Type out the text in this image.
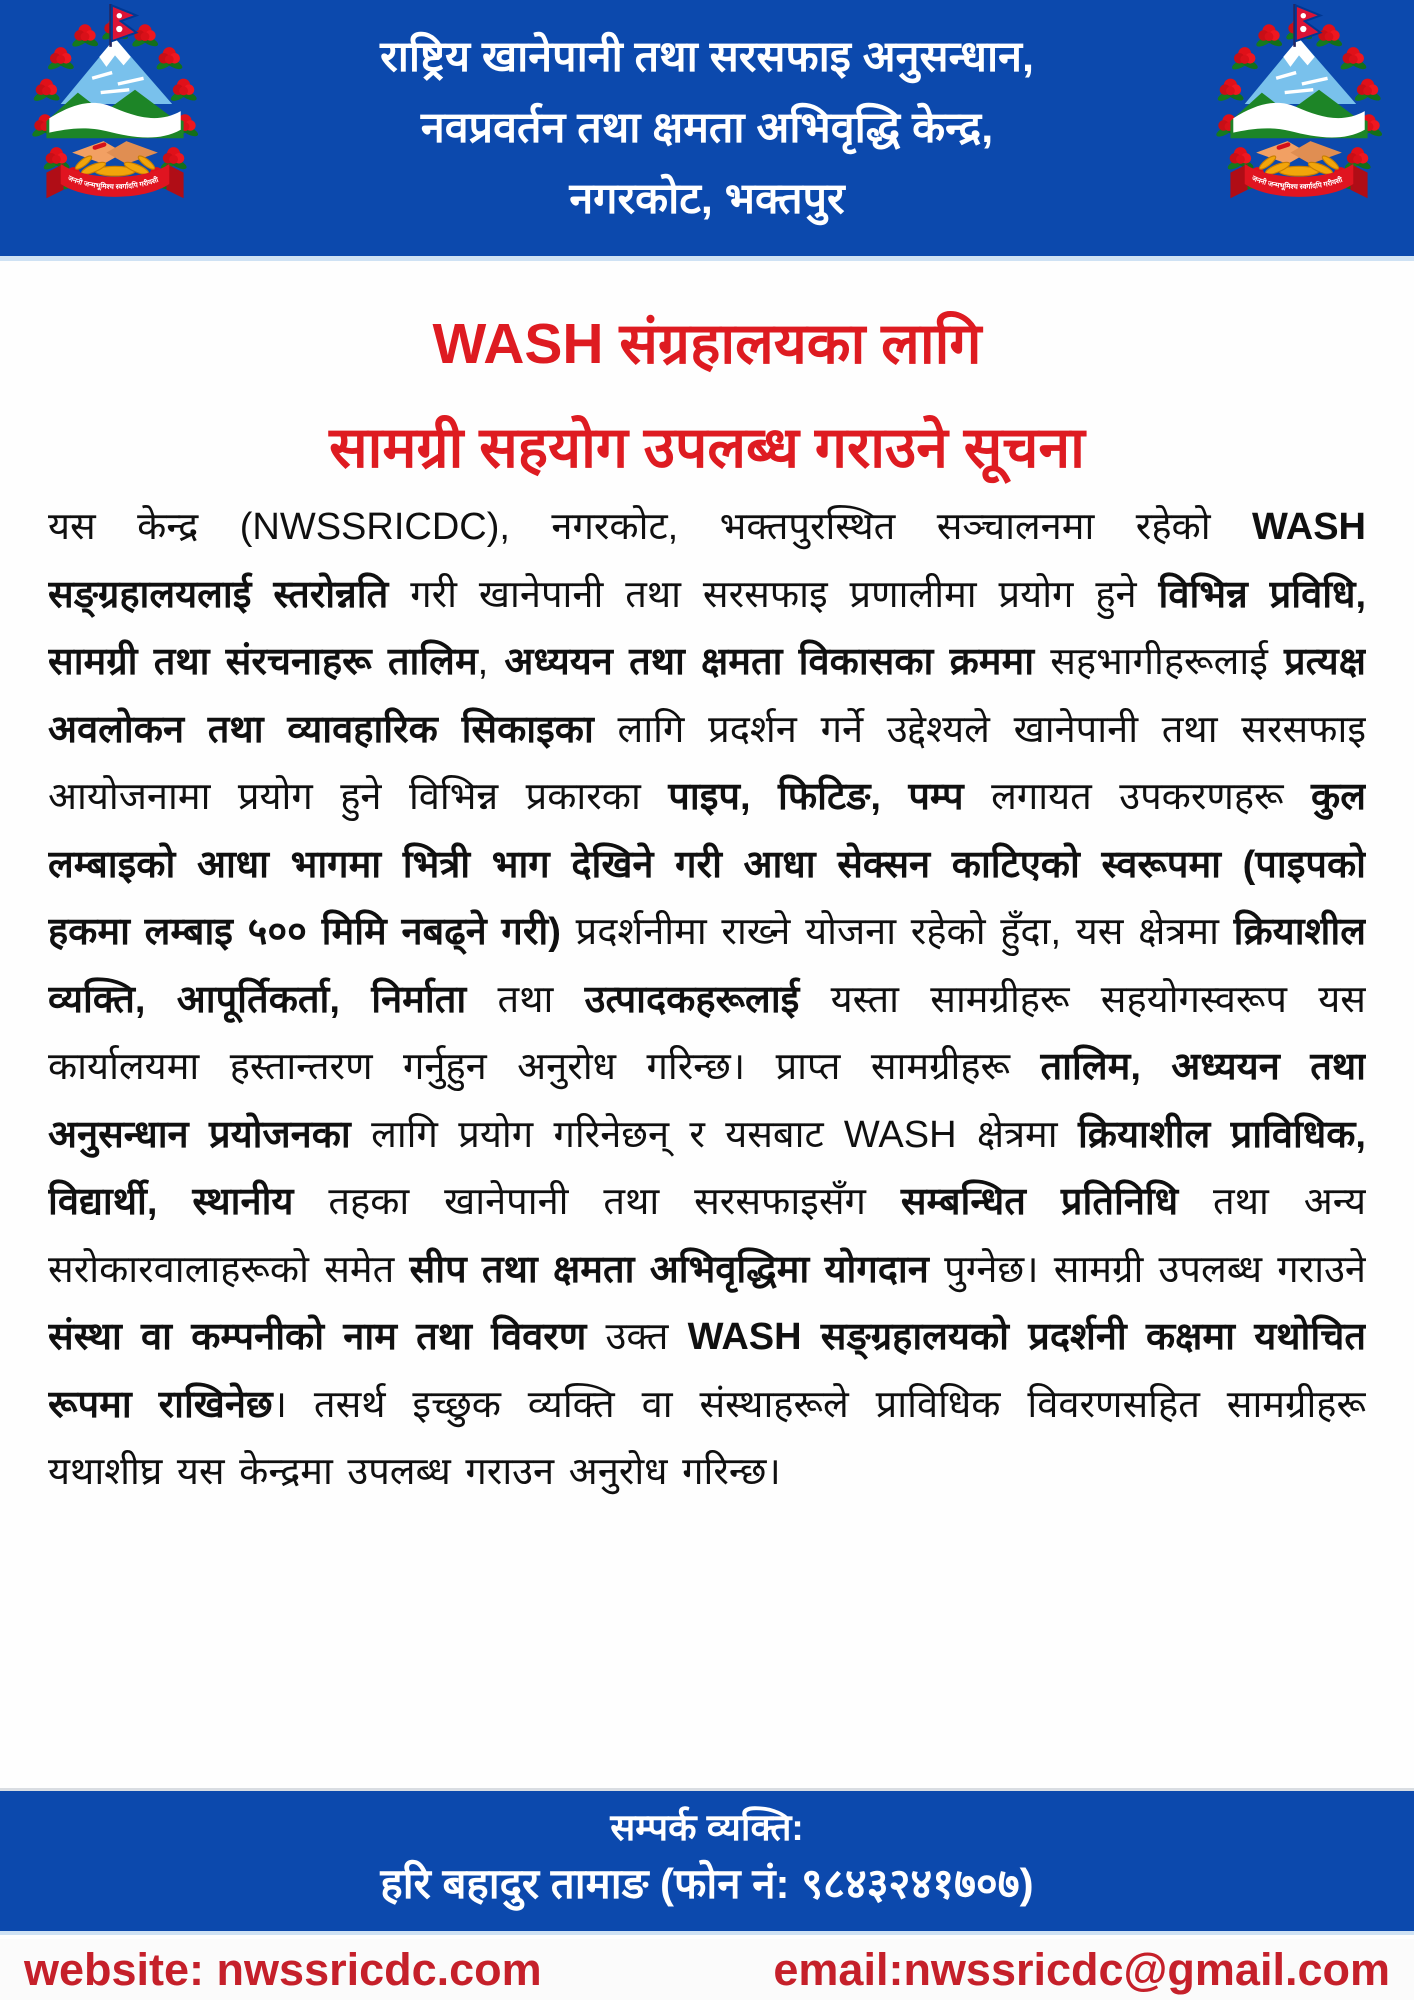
जननी जन्मभूमिश्च स्वर्गादपि गरीयसी	जननी जन्मभूमिश्च स्वर्गादपि गरीयसी
राष्ट्रिय खानेपानी तथा सरसफाइ अनुसन्धान,
नवप्रवर्तन तथा क्षमता अभिवृद्धि केन्द्र,
नगरकोट, भक्तपुर
WASH संग्रहालयका लागि
सामग्री सहयोग उपलब्ध गराउने सूचना
यस केन्द्र (NWSSRICDC), नगरकोट, भक्तपुरस्थित सञ्चालनमा रहेको WASH सङ्ग्रहालयलाई स्तरोन्नति गरी खानेपानी तथा सरसफाइ प्रणालीमा प्रयोग हुने विभिन्न प्रविधि, सामग्री तथा संरचनाहरू तालिम, अध्ययन तथा क्षमता विकासका क्रममा सहभागीहरूलाई प्रत्यक्ष अवलोकन तथा व्यावहारिक सिकाइका लागि प्रदर्शन गर्ने उद्देश्यले खानेपानी तथा सरसफाइ आयोजनामा प्रयोग हुने विभिन्न प्रकारका पाइप, फिटिङ, पम्प लगायत उपकरणहरू कुल लम्बाइको आधा भागमा भित्री भाग देखिने गरी आधा सेक्सन काटिएको स्वरूपमा (पाइपको हकमा लम्बाइ ५०० मिमि नबढ्ने गरी) प्रदर्शनीमा राख्ने योजना रहेको हुँदा, यस क्षेत्रमा क्रियाशील व्यक्ति, आपूर्तिकर्ता, निर्माता तथा उत्पादकहरूलाई यस्ता सामग्रीहरू सहयोगस्वरूप यस कार्यालयमा हस्तान्तरण गर्नुहुन अनुरोध गरिन्छ। प्राप्त सामग्रीहरू तालिम, अध्ययन तथा अनुसन्धान प्रयोजनका लागि प्रयोग गरिनेछन् र यसबाट WASH क्षेत्रमा क्रियाशील प्राविधिक, विद्यार्थी, स्थानीय तहका खानेपानी तथा सरसफाइसँग सम्बन्धित प्रतिनिधि तथा अन्य सरोकारवालाहरूको समेत सीप तथा क्षमता अभिवृद्धिमा योगदान पुग्नेछ। सामग्री उपलब्ध गराउने संस्था वा कम्पनीको नाम तथा विवरण उक्त WASH सङ्ग्रहालयको प्रदर्शनी कक्षमा यथोचित रूपमा राखिनेछ। तसर्थ इच्छुक व्यक्ति वा संस्थाहरूले प्राविधिक विवरणसहित सामग्रीहरू यथाशीघ्र यस केन्द्रमा उपलब्ध गराउन अनुरोध गरिन्छ।
सम्पर्क व्यक्ति:
हरि बहादुर तामाङ (फोन नं: ९८४३२४१७०७)
website: nwssricdc.com	email:nwssricdc@gmail.com
